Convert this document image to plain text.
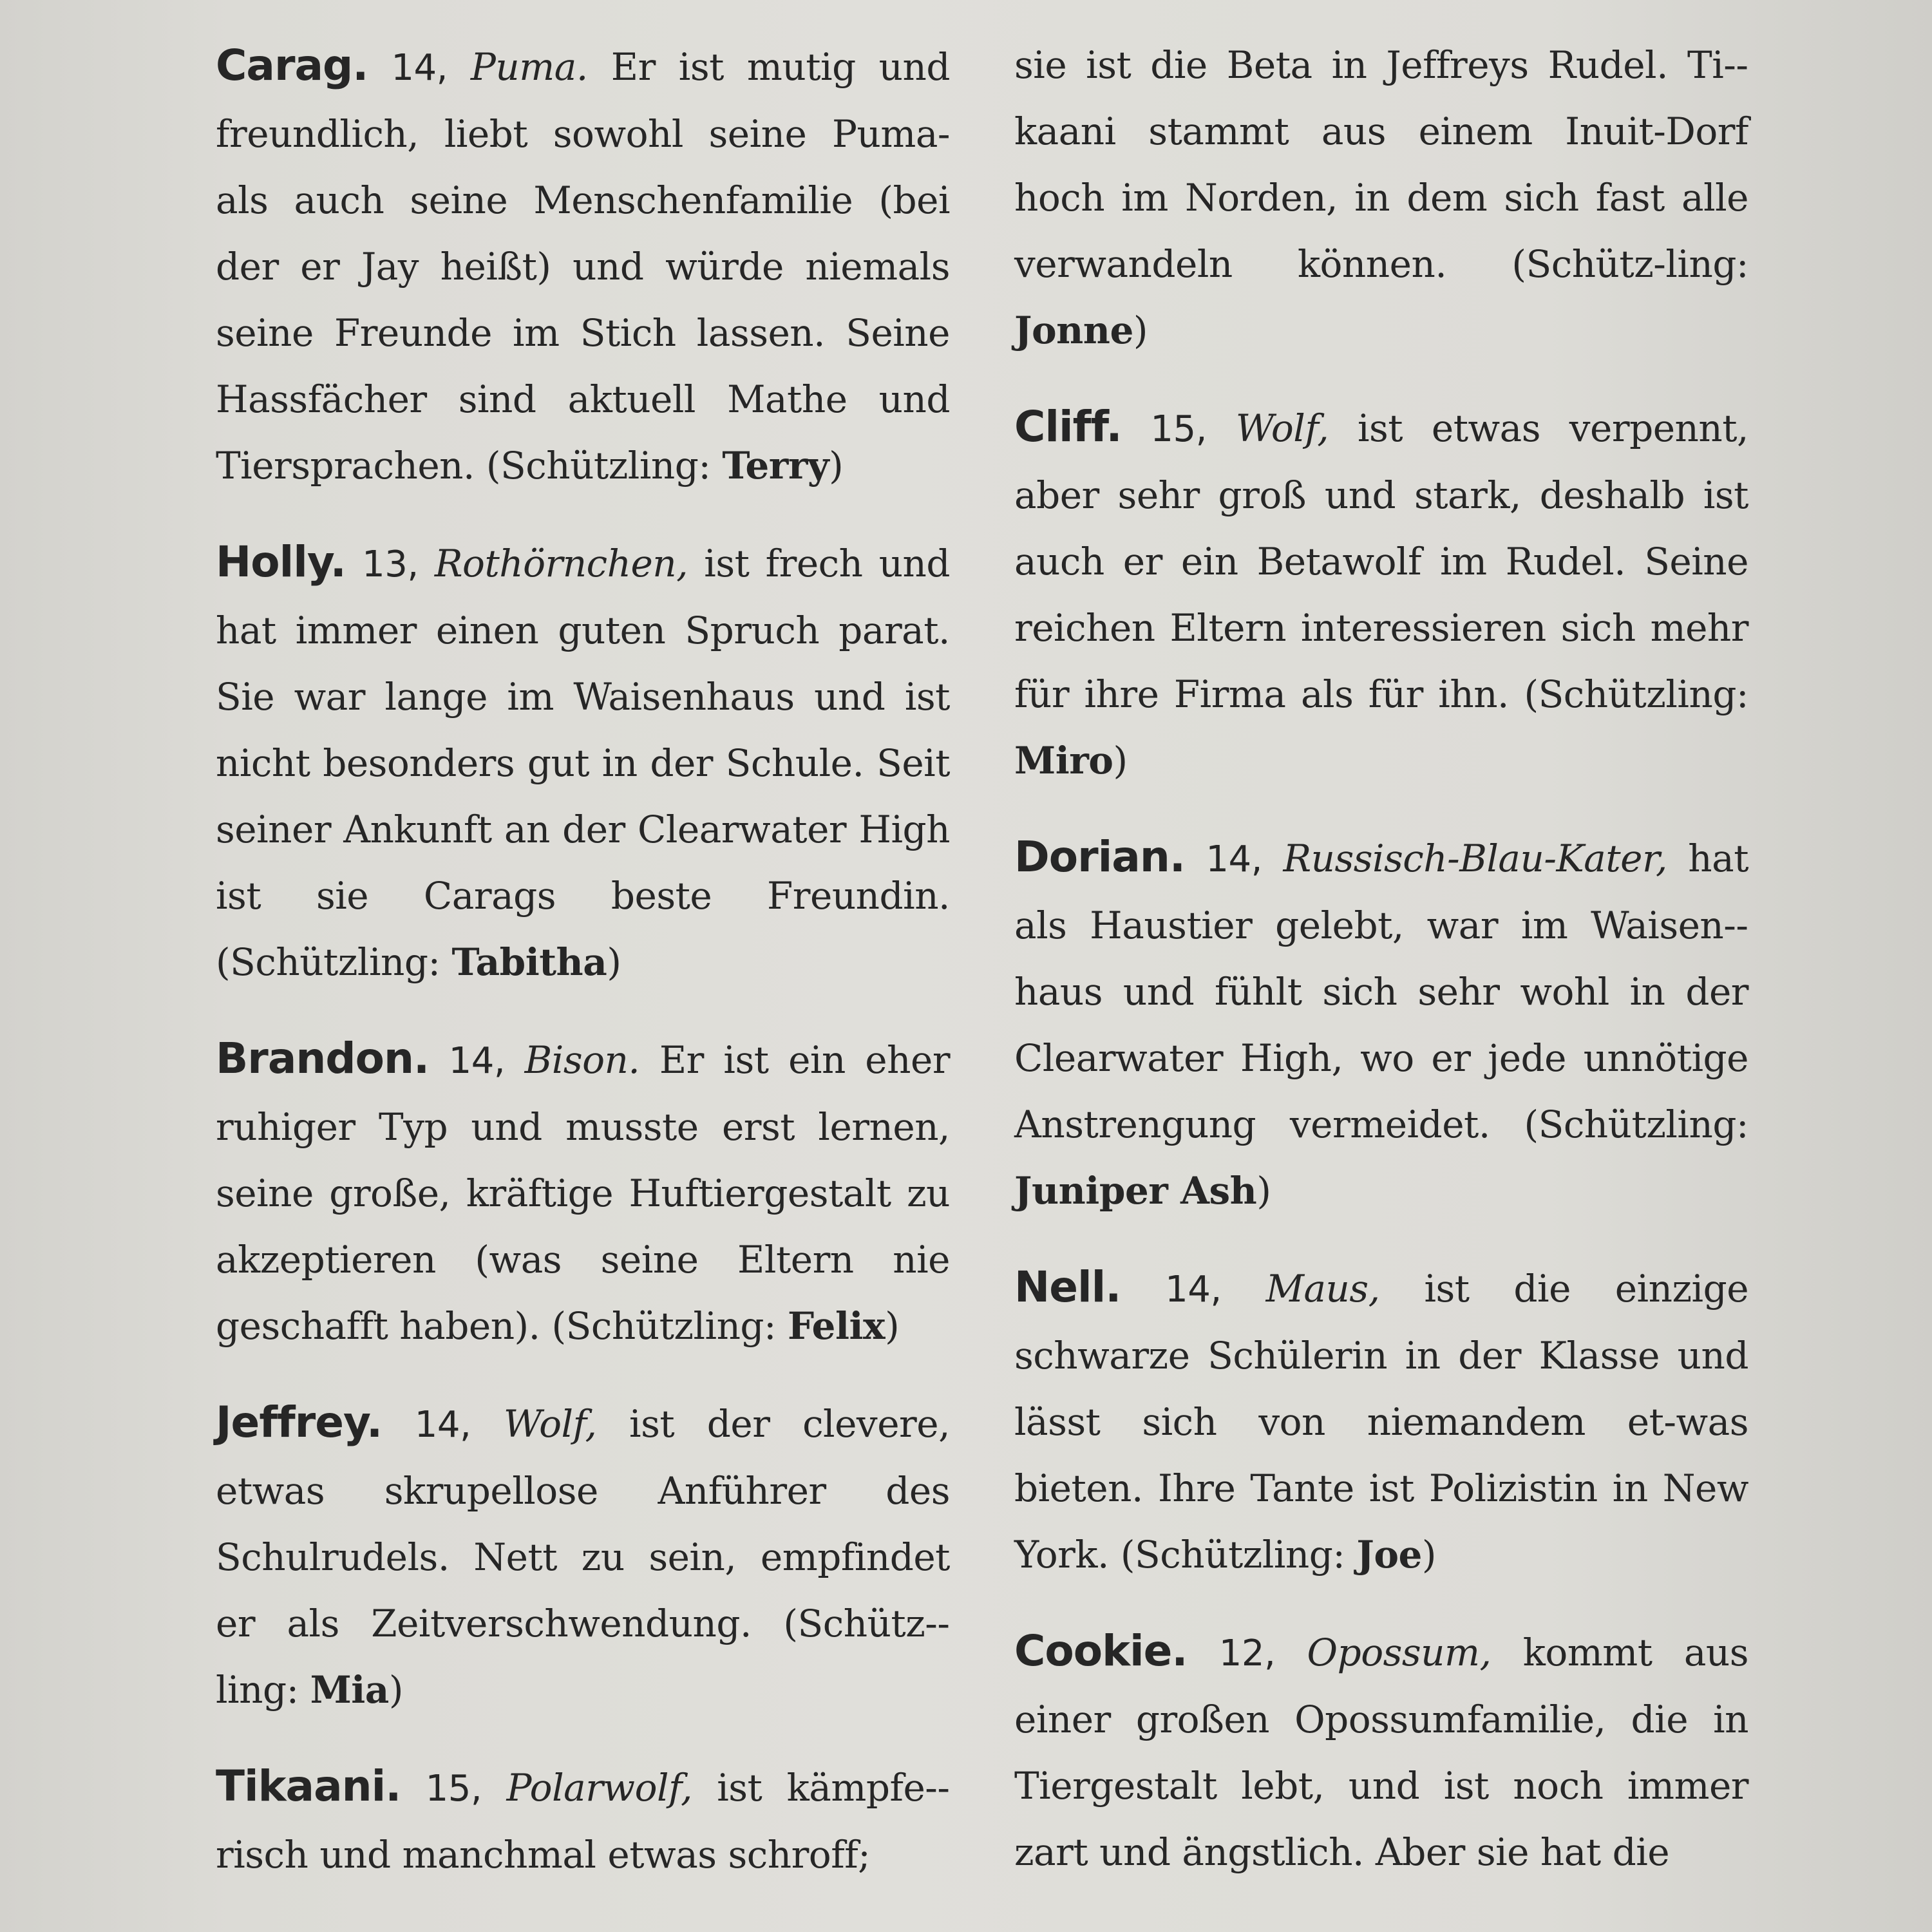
Carag. 14, Puma. Er ist mutig und freundlich, liebt sowohl seine Puma- als auch seine Menschenfamilie (bei der er Jay heißt) und würde niemals seine Freunde im Stich lassen. Seine Hassfächer sind aktuell Mathe und Tiersprachen. (Schützling: Terry)

Holly. 13, Rothörnchen, ist frech und hat immer einen guten Spruch parat. Sie war lange im Waisenhaus und ist nicht besonders gut in der Schule. Seit seiner Ankunft an der Clearwater High ist sie Carags beste Freundin. (Schützling: Tabitha)

Brandon. 14, Bison. Er ist ein eher ruhiger Typ und musste erst lernen, seine große, kräftige Huftiergestalt zu akzeptieren (was seine Eltern nie geschafft haben). (Schützling: Felix)

Jeffrey. 14, Wolf, ist der clevere, etwas skrupellose Anführer des Schulrudels. Nett zu sein, empfindet er als Zeitverschwendung. (Schütz-ling: Mia)

Tikaani. 15, Polarwolf, ist kämpfe-risch und manchmal etwas schroff;

sie ist die Beta in Jeffreys Rudel. Ti-kaani stammt aus einem Inuit-Dorf hoch im Norden, in dem sich fast alle verwandeln können. (Schütz-ling: Jonne)

Cliff. 15, Wolf, ist etwas verpennt, aber sehr groß und stark, deshalb ist auch er ein Betawolf im Rudel. Seine reichen Eltern interessieren sich mehr für ihre Firma als für ihn. (Schützling: Miro)

Dorian. 14, Russisch-Blau-Kater, hat als Haustier gelebt, war im Waisen-haus und fühlt sich sehr wohl in der Clearwater High, wo er jede unnötige Anstrengung vermeidet. (Schützling: Juniper Ash)

Nell. 14, Maus, ist die einzige schwarze Schülerin in der Klasse und lässt sich von niemandem et-was bieten. Ihre Tante ist Polizistin in New York. (Schützling: Joe)

Cookie. 12, Opossum, kommt aus einer großen Opossumfamilie, die in Tiergestalt lebt, und ist noch immer zart und ängstlich. Aber sie hat die
